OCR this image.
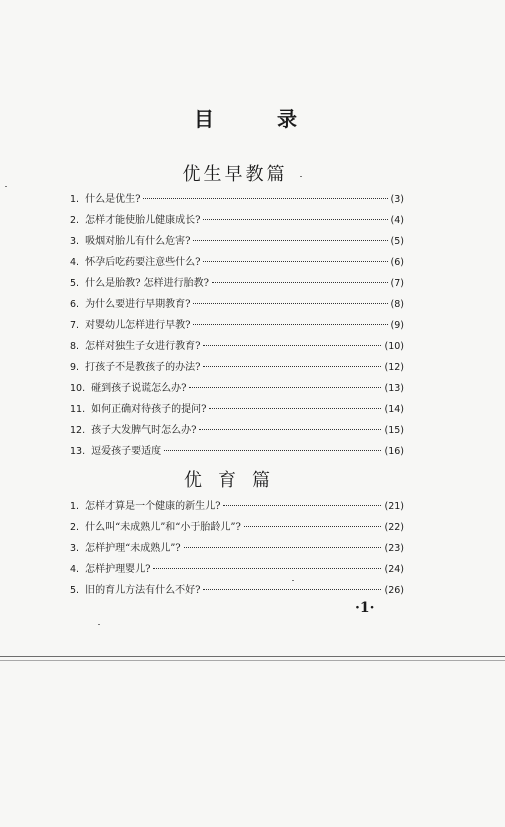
目 录
优生早教篇
1. 什么是优生?	(3)
2. 怎样才能使胎儿健康成长?	(4)
3. 吸烟对胎儿有什么危害?	(5)
4. 怀孕后吃药要注意些什么?	(6)
5. 什么是胎教? 怎样进行胎教?	(7)
6. 为什么要进行早期教育?	(8)
7. 对婴幼儿怎样进行早教?	(9)
8. 怎样对独生子女进行教育?	(10)
9. 打孩子不是教孩子的办法?	(12)
10. 碰到孩子说谎怎么办?	(13)
11. 如何正确对待孩子的提问?	(14)
12. 孩子大发脾气时怎么办?	(15)
13. 逗爱孩子要适度	(16)
优育篇
1. 怎样才算是一个健康的新生儿?	(21)
2. 什么叫“未成熟儿”和“小于胎龄儿”?	(22)
3. 怎样护理“未成熟儿”?	(23)
4. 怎样护理婴儿?	(24)
5. 旧的育儿方法有什么不好?	(26)
·1·
